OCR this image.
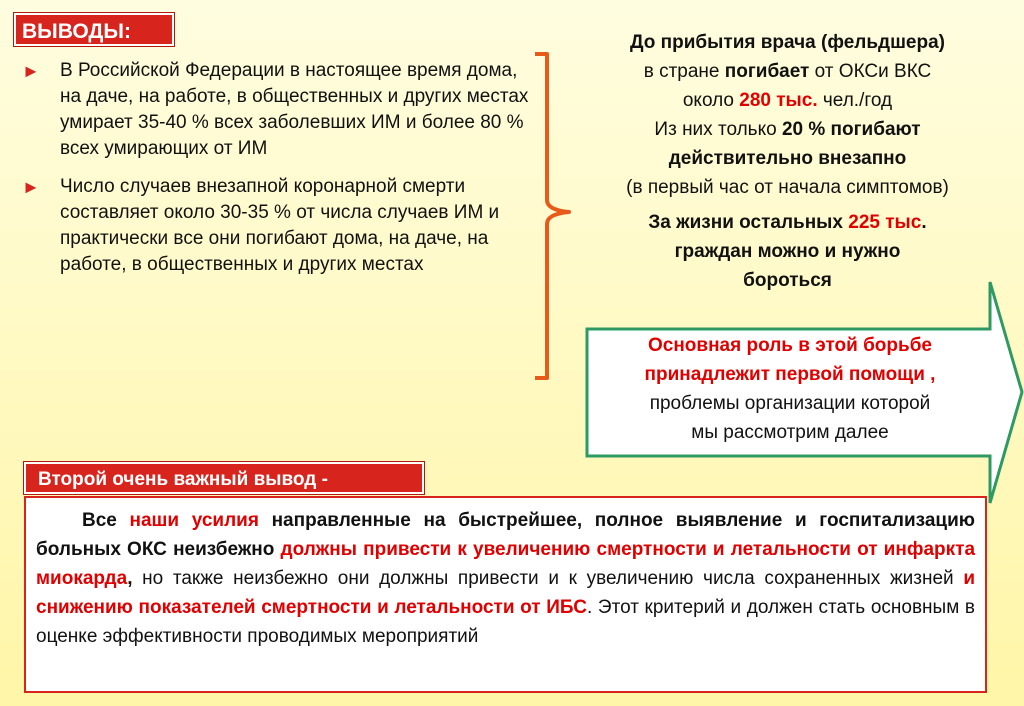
ВЫВОДЫ:
► В Российской Федерации в настоящее время дома, на даче, на работе, в общественных и других местах умирает 35-40 % всех заболевших ИМ и более 80 % всех умирающих от ИМ
► Число случаев внезапной коронарной смерти составляет около 30-35 % от числа случаев ИМ и практически все они погибают дома, на даче, на работе, в общественных и других местах
До прибытия врача (фельдшера)
в стране погибает от ОКСи ВКС
около 280 тыс. чел./год
Из них только 20 % погибают
действительно внезапно
(в первый час от начала симптомов)
За жизни остальных 225 тыс.
граждан можно и нужно
бороться
Основная роль в этой борьбе
принадлежит первой помощи ,
проблемы организации которой
мы рассмотрим далее
Второй очень важный вывод -
Все наши усилия направленные на быстрейшее, полное выявление и госпитализацию больных ОКС неизбежно должны привести к увеличению смертности и летальности от инфаркта миокарда, но также неизбежно они должны привести и к увеличению числа сохраненных жизней и снижению показателей смертности и летальности от ИБС. Этот критерий и должен стать основным в оценке эффективности проводимых мероприятий
